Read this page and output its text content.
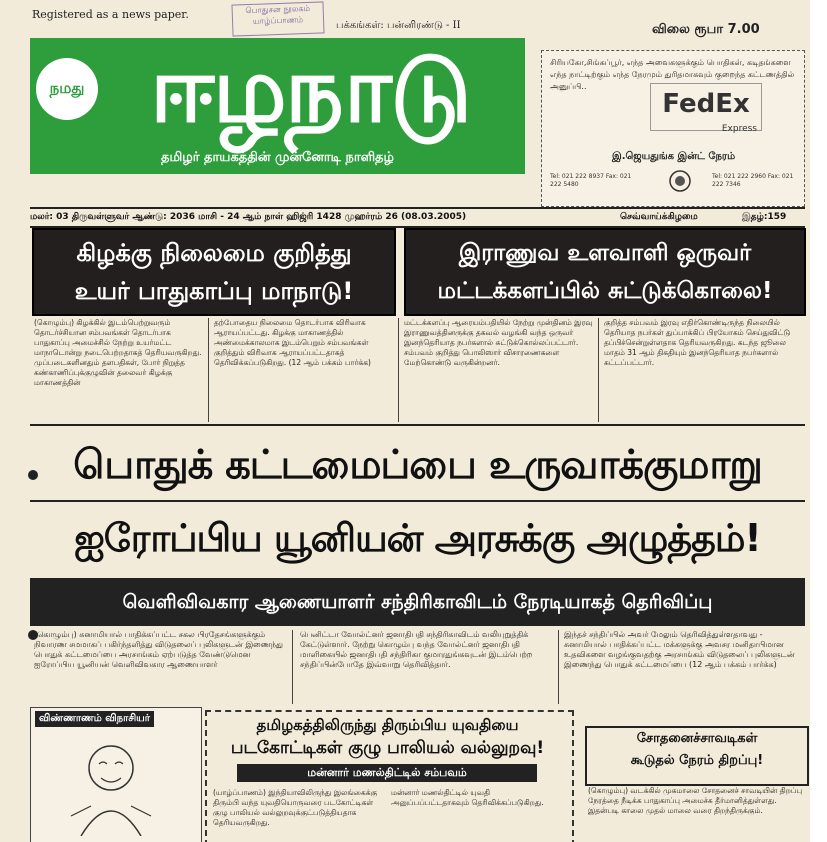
Registered as a news paper.	பொதுசன நூலகம் யாழ்ப்பாணம்	பக்கங்கள்: பன்னிரண்டு - II	விலை ரூபா 7.00
நமது ஈழநாடு
தமிழர் தாயகத்தின் முன்னோடி நாளிதழ்
சிரியகோ,சிங்கப்பூர், எந்த அவைகளுக்கும் பொதிகள், கடிதங்களை எந்த நாட்டிற்கும் எந்த நேரமும் துரிதமாகவும் குறைந்த கட்டணத்தில் அனுப்பி..
FedEx
Express
இ.ஜெயதுங்க இன்ட் நேரம்
Tel: 021 222 8937 Fax: 021 222 5480
Tel: 021 222 2960 Fax: 021 222 7346
மலர்: 03 திருவள்ளுவர் ஆண்டு: 2036 மாசி - 24 ஆம் நாள் ஹிஜ்ரி 1428 முஹர்ரம் 26 (08.03.2005)	செவ்வாய்க்கிழமை	இதழ்:159
கிழக்கு நிலைமை குறித்து
உயர் பாதுகாப்பு மாநாடு!
இராணுவ உளவாளி ஒருவர்
மட்டக்களப்பில் சுட்டுக்கொலை!
(கொழும்பு) கிழக்கில் இடம்பெற்றுவரும் தொடர்ச்சியான சம்பவங்கள் தொடர்பாக பாதுகாப்பு அமைச்சில் நேற்று உயர்மட்ட மாநாடொன்று நடைபெற்றதாகத் தெரியவருகிறது. முப்படைகளினதும் தளபதிகள், போர் நிறுத்த கண்காணிப்புக்குழுவின் தலைவர் கிழக்கு மாகாணத்தின்
தற்போதைய நிலைமை தொடர்பாக விரிவாக ஆராயப்பட்டது. கிழக்கு மாகாணத்தில் அண்மைக்காலமாக இடம்பெறும் சம்பவங்கள் குறித்தும் விரிவாக ஆராயப்பட்டதாகத் தெரிவிக்கப்படுகிறது. (12 ஆம் பக்கம் பார்க்க)
மட்டக்களப்பு ஆரையம்பதியில் நேற்று முன்தினம் இரவு இராணுவத்தினருக்கு தகவல் வழங்கி வந்த ஒருவர் இனந்தெரியாத நபர்களால் சுட்டுக்கொல்லப்பட்டார். சம்பவம் குறித்து பொலிஸார் விசாரணைகளை மேற்கொண்டு வருகின்றனர்.
குறித்த சம்பவம் இரவு எதிர்கொண்டிருந்த நிலையில் தெரியாத நபர்கள் துப்பாக்கிப் பிரயோகம் செய்துவிட்டு தப்பிச்சென்றுள்ளதாக தெரியவருகிறது. கடந்த ஜூலை மாதம் 31 ஆம் திகதியும் இனந்தெரியாத நபர்களால் சுட்டப்பட்டார்.
பொதுக் கட்டமைப்பை உருவாக்குமாறு
ஐரோப்பிய யூனியன் அரசுக்கு அழுத்தம்!
வெளிவிவகார ஆணையாளர் சந்திரிகாவிடம் நேரடியாகத் தெரிவிப்பு
(கொழும்பு) சுனாமியால் பாதிக்கப்பட்ட சகல பிரதேசங்களுக்கும் நிவாரண சமமாகப் பகிர்ந்தளித்து விடுதலைப் புலிகளுடன் இணைந்து பொதுக் கட்டமைப்பை அரசாங்கம் ஏற்படுத்த வேண்டுமென ஐரோப்பிய யூனியன் வெளிவிவகார ஆணையாளர்
பெனிட்டா வோல்ட்னர் ஜனாதிபதி சந்திரிகாவிடம் வலியுறுத்திக் கேட்டுள்ளார். நேற்று கொழும்பு வந்த வோல்ட்னர் ஜனாதிபதி மாளிகையில் ஜனாதிபதி சந்திரிகா குமாரதுங்கவுடன் இடம்பெற்ற சந்திப்பின்போதே இவ்வாறு தெரிவித்தார்.
இந்தச் சந்திப்பில் அவர் மேலும் தெரிவித்துள்ளதாவது - சுனாமியால் பாதிக்கப்பட்ட மக்களுக்கு அவசர மனிதாபிமான உதவிகளை வழங்குவதற்கு அரசாங்கம் விடுதலைப் புலிகளுடன் இணைந்து பொதுக் கட்டமைப்பை (12 ஆம் பக்கம் பார்க்க)
விண்ணாணம் விநாசியர்	தமிழகத்திலிருந்து திரும்பிய யுவதியை
படகோட்டிகள் குழு பாலியல் வல்லுறவு!
மன்னார் மணல்திட்டில் சம்பவம்
(யாழ்ப்பாணம்) இந்தியாவிலிருந்து இலங்கைக்கு திரும்பி வந்த யுவதியொருவரை படகோட்டிகள் குழு பாலியல் வல்லுறவுக்குட்படுத்தியதாக தெரியவருகிறது.
மன்னார் மணல்திட்டில் யுவதி அனுப்பப்பட்டதாகவும் தெரிவிக்கப்படுகிறது.
சோதனைச்சாவடிகள்
கூடுதல் நேரம் திறப்பு!
(கொழும்பு) வடக்கில் முகமாலை சோதனைச் சாவடியின் திறப்பு நேரத்தை நீடிக்க பாதுகாப்பு அமைச்சு தீர்மானித்துள்ளது. இதன்படி காலை முதல் மாலை வரை திறந்திருக்கும்.
